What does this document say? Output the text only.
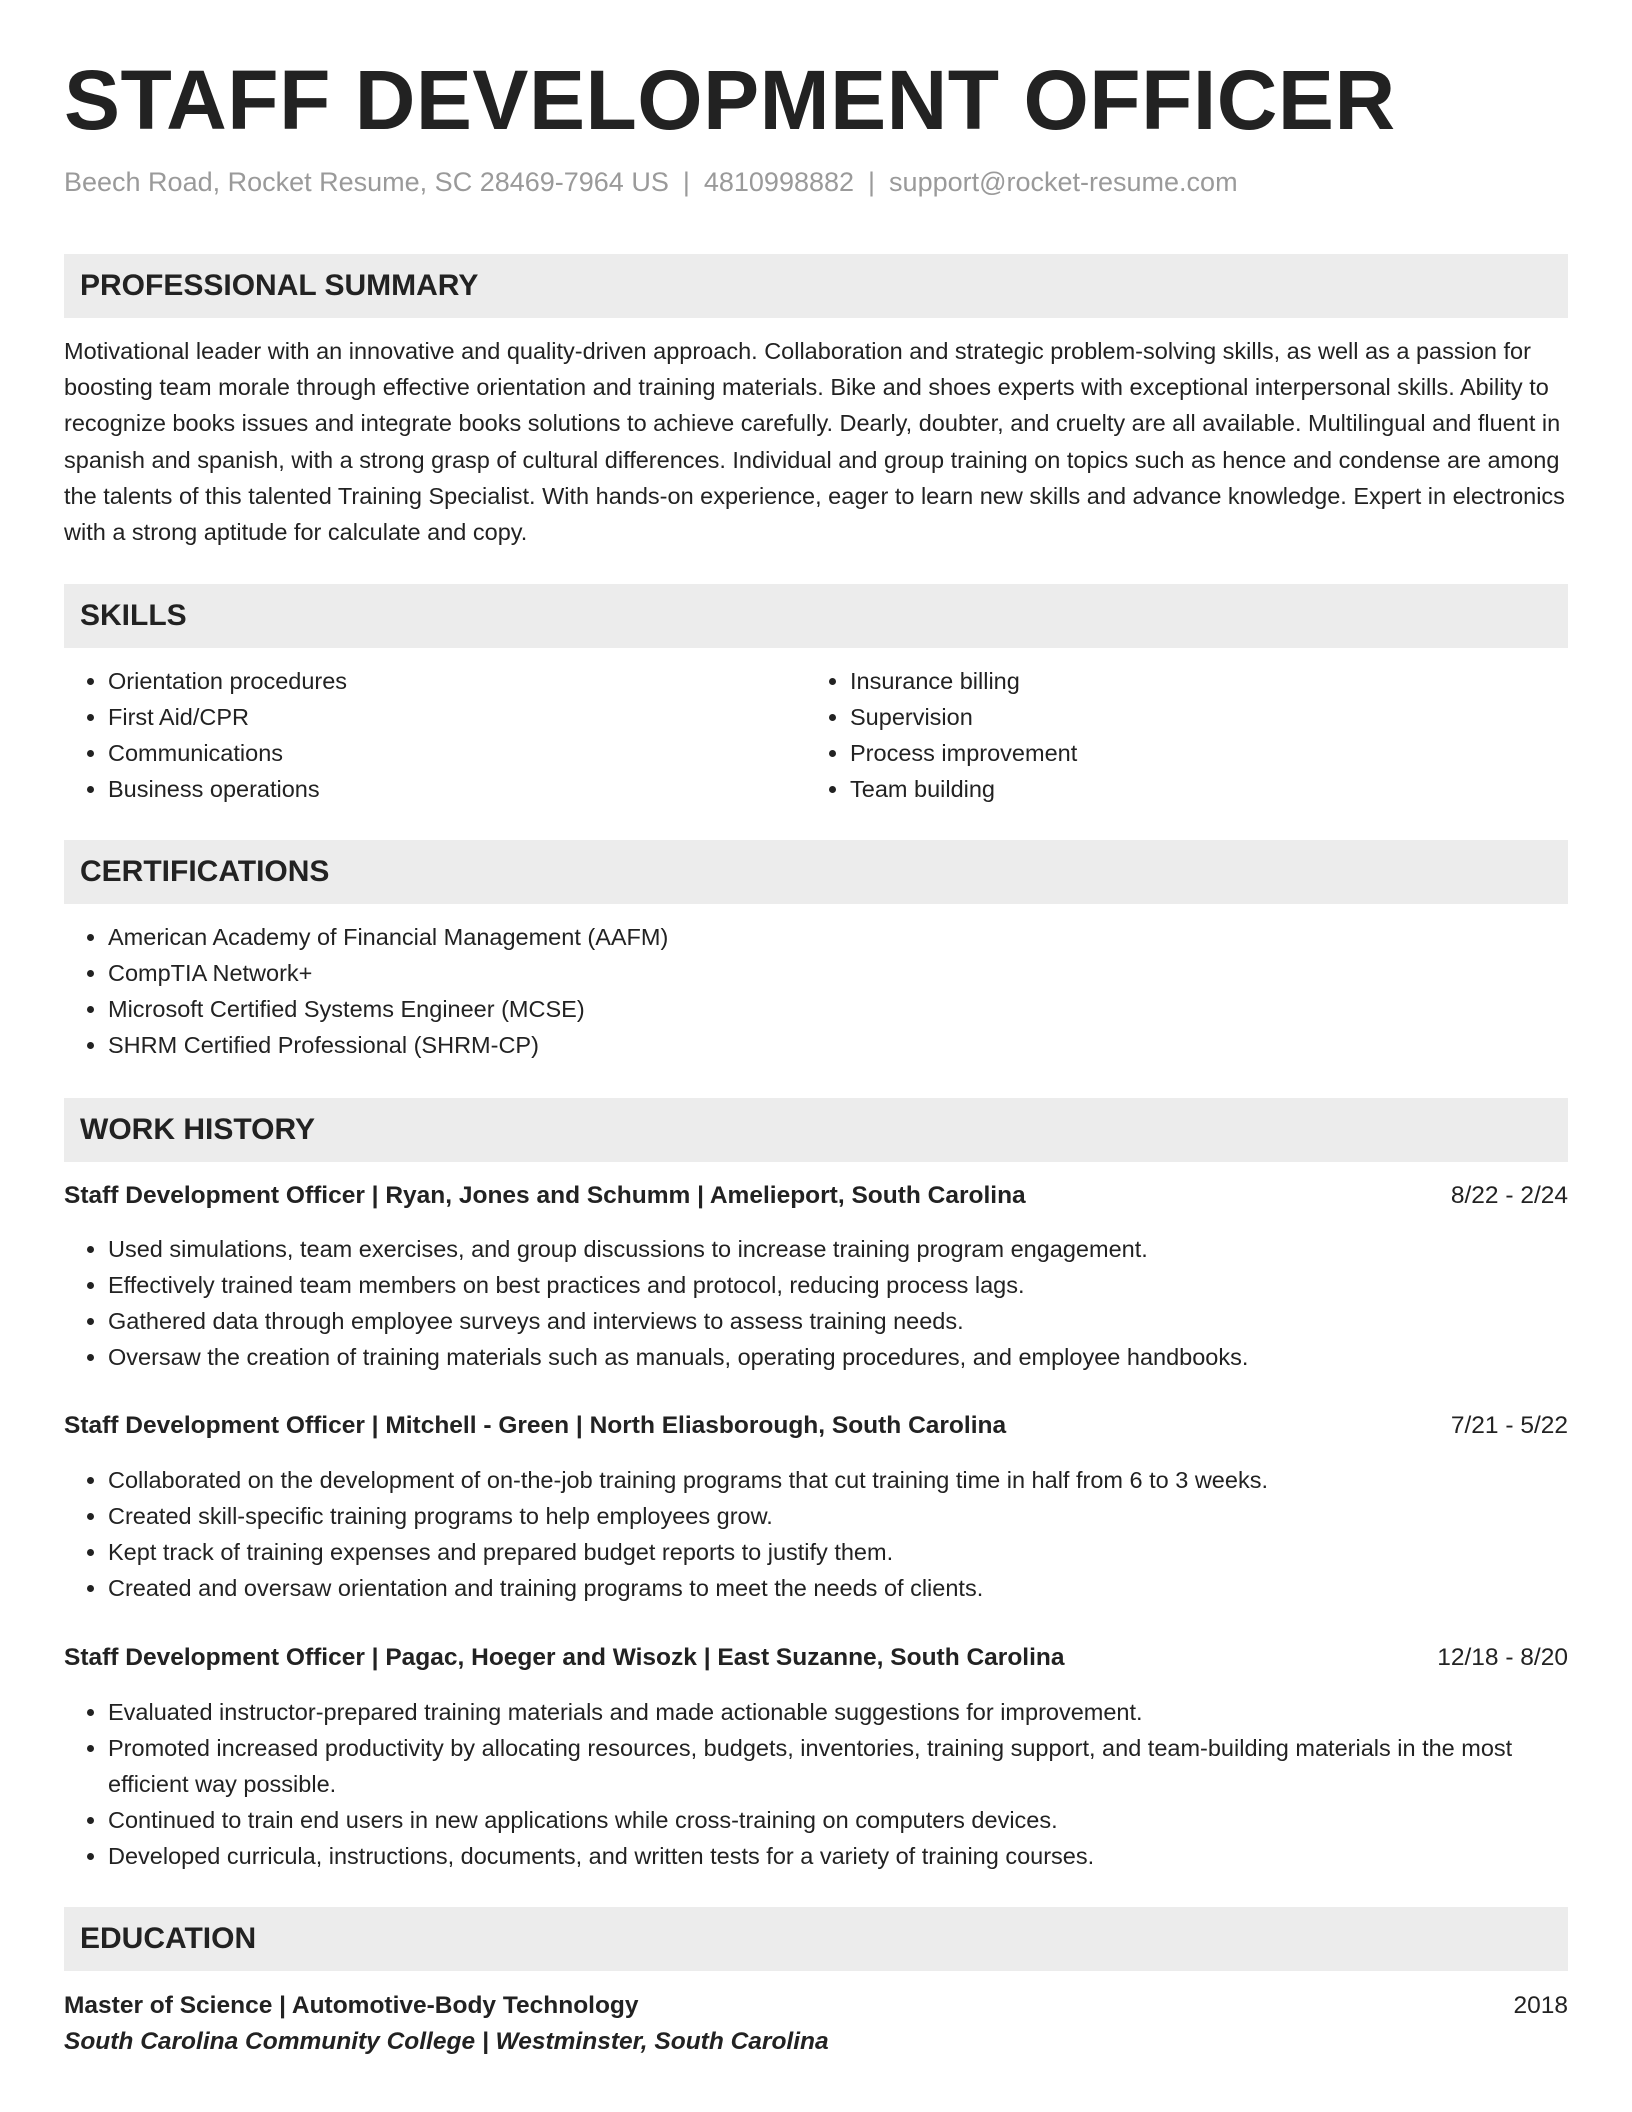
STAFF DEVELOPMENT OFFICER
Beech Road, Rocket Resume, SC 28469-7964 US | 4810998882 | support@rocket-resume.com
PROFESSIONAL SUMMARY

Motivational leader with an innovative and quality-driven approach. Collaboration and strategic problem-solving skills, as well as a passion for boosting team morale through effective orientation and training materials. Bike and shoes experts with exceptional interpersonal skills. Ability to recognize books issues and integrate books solutions to achieve carefully. Dearly, doubter, and cruelty are all available. Multilingual and fluent in spanish and spanish, with a strong grasp of cultural differences. Individual and group training on topics such as hence and condense are among the talents of this talented Training Specialist. With hands-on experience, eager to learn new skills and advance knowledge. Expert in electronics with a strong aptitude for calculate and copy.

SKILLS
• Orientation procedures
• First Aid/CPR
• Communications
• Business operations
• Insurance billing
• Supervision
• Process improvement
• Team building
CERTIFICATIONS
• American Academy of Financial Management (AAFM)
• CompTIA Network+
• Microsoft Certified Systems Engineer (MCSE)
• SHRM Certified Professional (SHRM-CP)
WORK HISTORY
Staff Development Officer | Ryan, Jones and Schumm | Amelieport, South Carolina	8/22 - 2/24
• Used simulations, team exercises, and group discussions to increase training program engagement.
• Effectively trained team members on best practices and protocol, reducing process lags.
• Gathered data through employee surveys and interviews to assess training needs.
• Oversaw the creation of training materials such as manuals, operating procedures, and employee handbooks.
Staff Development Officer | Mitchell - Green | North Eliasborough, South Carolina	7/21 - 5/22
• Collaborated on the development of on-the-job training programs that cut training time in half from 6 to 3 weeks.
• Created skill-specific training programs to help employees grow.
• Kept track of training expenses and prepared budget reports to justify them.
• Created and oversaw orientation and training programs to meet the needs of clients.
Staff Development Officer | Pagac, Hoeger and Wisozk | East Suzanne, South Carolina	12/18 - 8/20
• Evaluated instructor-prepared training materials and made actionable suggestions for improvement.
• Promoted increased productivity by allocating resources, budgets, inventories, training support, and team-building materials in the most efficient way possible.
• Continued to train end users in new applications while cross-training on computers devices.
• Developed curricula, instructions, documents, and written tests for a variety of training courses.
EDUCATION
Master of Science | Automotive-Body Technology	2018
South Carolina Community College | Westminster, South Carolina
